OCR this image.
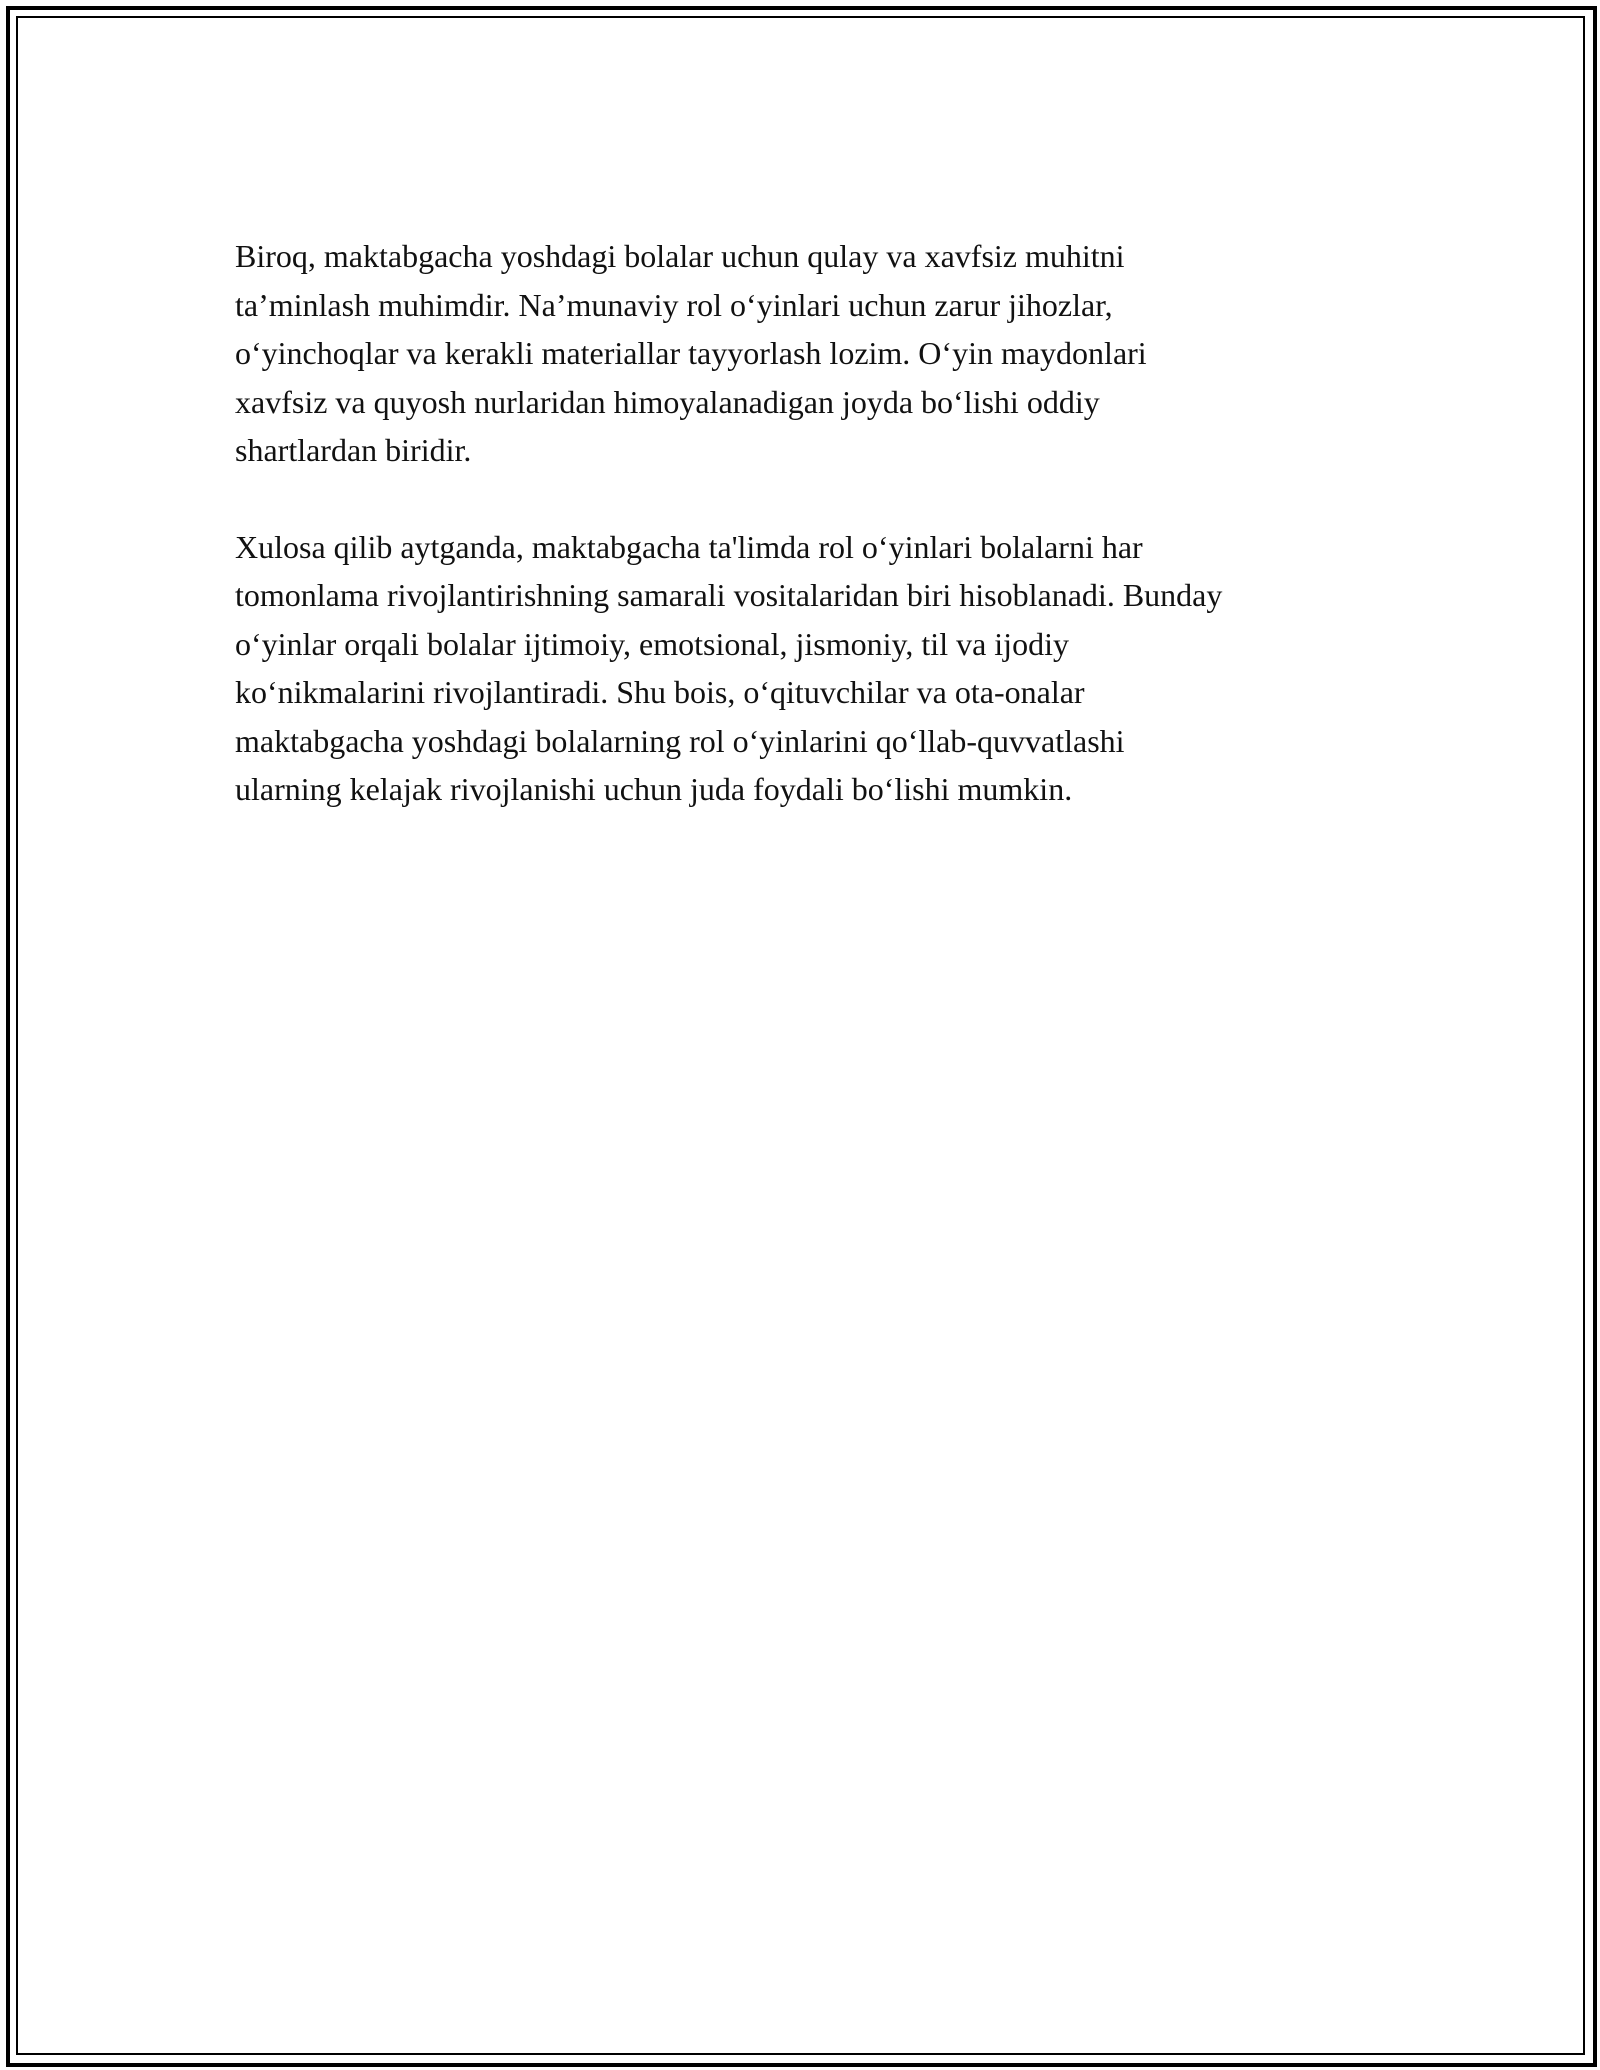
Biroq, maktabgacha yoshdagi bolalar uchun qulay va xavfsiz muhitni
ta’minlash muhimdir. Na’munaviy rol o‘yinlari uchun zarur jihozlar,
o‘yinchoqlar va kerakli materiallar tayyorlash lozim. O‘yin maydonlari
xavfsiz va quyosh nurlaridan himoyalanadigan joyda bo‘lishi oddiy
shartlardan biridir.

Xulosa qilib aytganda, maktabgacha ta'limda rol o‘yinlari bolalarni har
tomonlama rivojlantirishning samarali vositalaridan biri hisoblanadi. Bunday
o‘yinlar orqali bolalar ijtimoiy, emotsional, jismoniy, til va ijodiy
ko‘nikmalarini rivojlantiradi. Shu bois, o‘qituvchilar va ota-onalar
maktabgacha yoshdagi bolalarning rol o‘yinlarini qo‘llab-quvvatlashi
ularning kelajak rivojlanishi uchun juda foydali bo‘lishi mumkin.
